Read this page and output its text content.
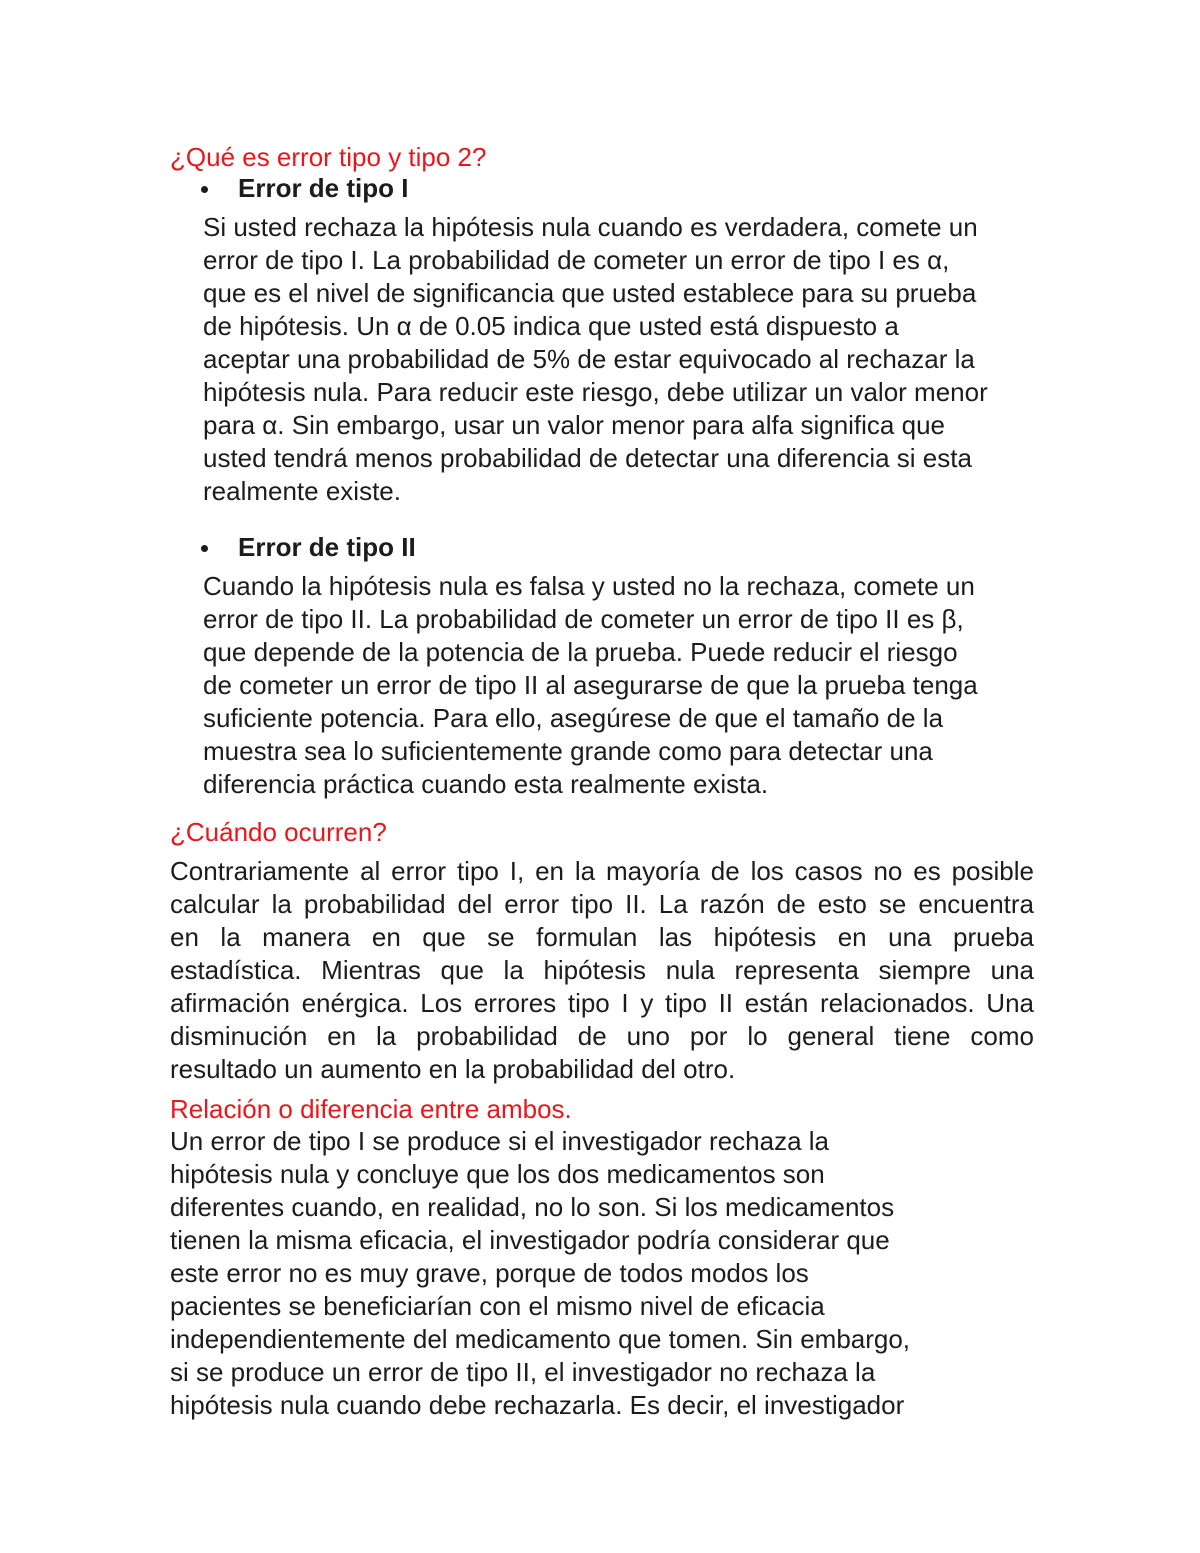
¿Qué es error tipo y tipo 2?
Error de tipo I
Si usted rechaza la hipótesis nula cuando es verdadera, comete un
error de tipo I. La probabilidad de cometer un error de tipo I es α,
que es el nivel de significancia que usted establece para su prueba
de hipótesis. Un α de 0.05 indica que usted está dispuesto a
aceptar una probabilidad de 5% de estar equivocado al rechazar la
hipótesis nula. Para reducir este riesgo, debe utilizar un valor menor
para α. Sin embargo, usar un valor menor para alfa significa que
usted tendrá menos probabilidad de detectar una diferencia si esta
realmente existe.
Error de tipo II
Cuando la hipótesis nula es falsa y usted no la rechaza, comete un
error de tipo II. La probabilidad de cometer un error de tipo II es β,
que depende de la potencia de la prueba. Puede reducir el riesgo
de cometer un error de tipo II al asegurarse de que la prueba tenga
suficiente potencia. Para ello, asegúrese de que el tamaño de la
muestra sea lo suficientemente grande como para detectar una
diferencia práctica cuando esta realmente exista.
¿Cuándo ocurren?
Contrariamente al error tipo I, en la mayoría de los casos no es posible
calcular la probabilidad del error tipo II. La razón de esto se encuentra
en la manera en que se formulan las hipótesis en una prueba
estadística. Mientras que la hipótesis nula representa siempre una
afirmación enérgica. Los errores tipo I y tipo II están relacionados. Una
disminución en la probabilidad de uno por lo general tiene como
resultado un aumento en la probabilidad del otro.
Relación o diferencia entre ambos.
Un error de tipo I se produce si el investigador rechaza la
hipótesis nula y concluye que los dos medicamentos son
diferentes cuando, en realidad, no lo son. Si los medicamentos
tienen la misma eficacia, el investigador podría considerar que
este error no es muy grave, porque de todos modos los
pacientes se beneficiarían con el mismo nivel de eficacia
independientemente del medicamento que tomen. Sin embargo,
si se produce un error de tipo II, el investigador no rechaza la
hipótesis nula cuando debe rechazarla. Es decir, el investigador
